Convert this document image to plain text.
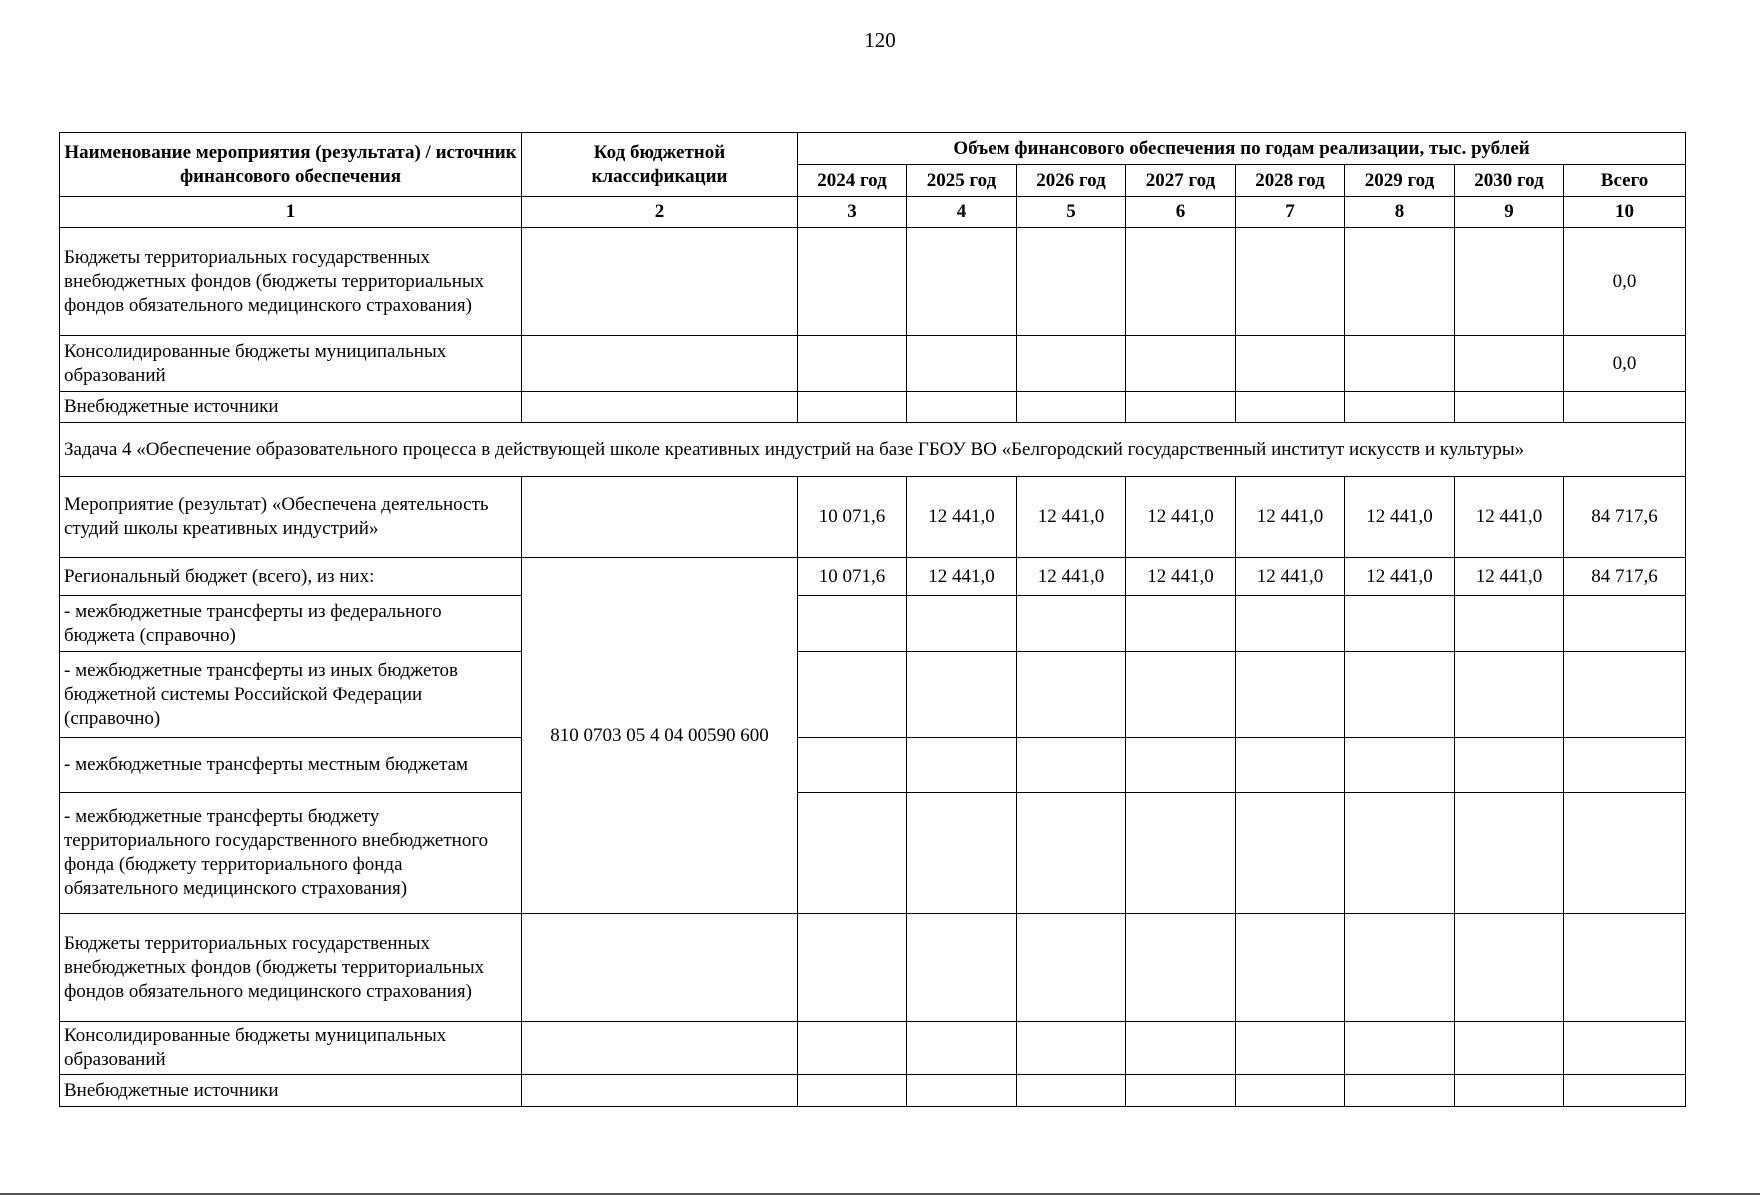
120
Наименование мероприятия (результата) / источник финансового обеспечения	Код бюджетной классификации	Объем финансового обеспечения по годам реализации, тыс. рублей							
		2024 год	2025 год	2026 год	2027 год	2028 год	2029 год	2030 год	Всего
1	2	3	4	5	6	7	8	9	10
Бюджеты территориальных государственных внебюджетных фондов (бюджеты территориальных фондов обязательного медицинского страхования)									0,0
Консолидированные бюджеты муниципальных образований									0,0
Внебюджетные источники									
Задача 4 «Обеспечение образовательного процесса в действующей школе креативных индустрий на базе ГБОУ ВО «Белгородский государственный институт искусств и культуры»									
Мероприятие (результат) «Обеспечена деятельность студий школы креативных индустрий»		10 071,6	12 441,0	12 441,0	12 441,0	12 441,0	12 441,0	12 441,0	84 717,6
Региональный бюджет (всего), из них:	810 0703 05 4 04 00590 600	10 071,6	12 441,0	12 441,0	12 441,0	12 441,0	12 441,0	12 441,0	84 717,6
- межбюджетные трансферты из федерального бюджета (справочно)									
- межбюджетные трансферты из иных бюджетов бюджетной системы Российской Федерации (справочно)									
- межбюджетные трансферты местным бюджетам									
- межбюджетные трансферты бюджету территориального государственного внебюджетного фонда (бюджету территориального фонда обязательного медицинского страхования)									
Бюджеты территориальных государственных внебюджетных фондов (бюджеты территориальных фондов обязательного медицинского страхования)									
Консолидированные бюджеты муниципальных образований									
Внебюджетные источники									
